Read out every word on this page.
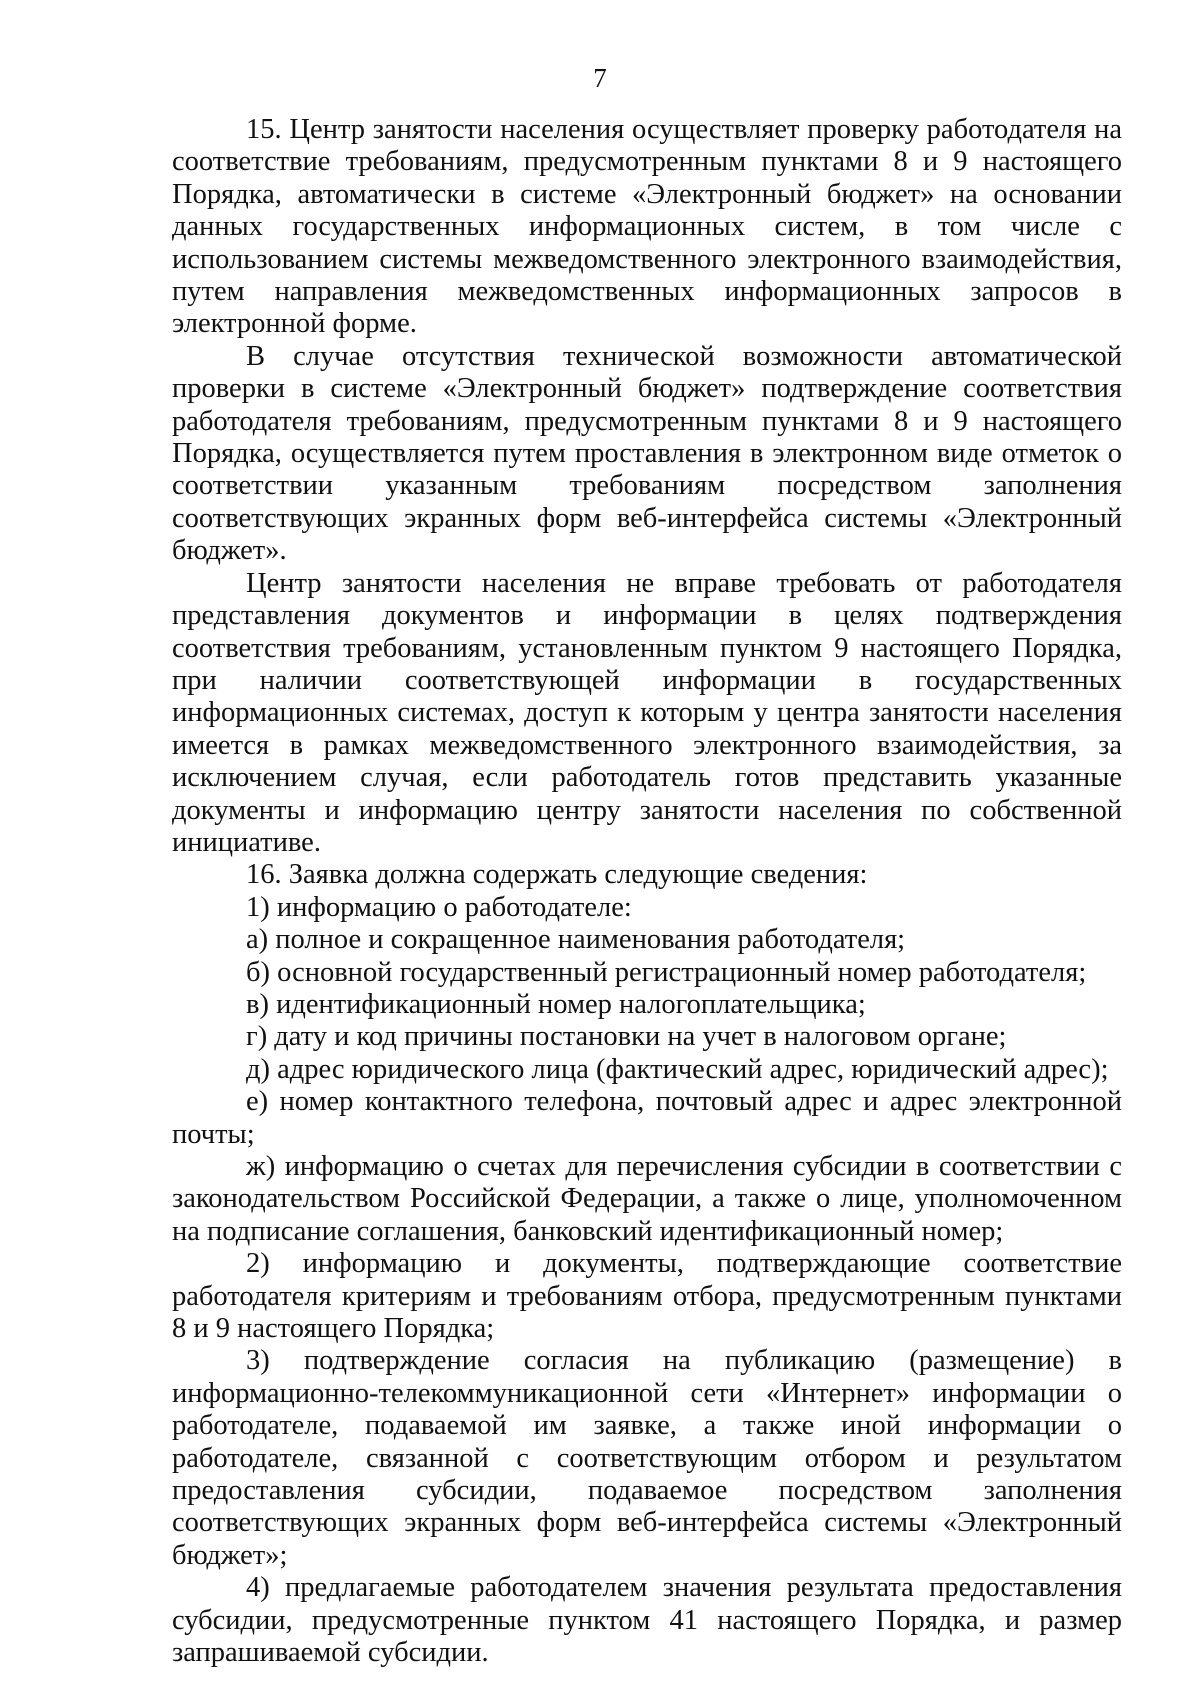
7

15. Центр занятости населения осуществляет проверку работодателя на соответствие требованиям, предусмотренным пунктами 8 и 9 настоящего Порядка, автоматически в системе «Электронный бюджет» на основании данных государственных информационных систем, в том числе с использованием системы межведомственного электронного взаимодействия, путем направления межведомственных информационных запросов в электронной форме.

В случае отсутствия технической возможности автоматической проверки в системе «Электронный бюджет» подтверждение соответствия работодателя требованиям, предусмотренным пунктами 8 и 9 настоящего Порядка, осуществляется путем проставления в электронном виде отметок о соответствии указанным требованиям посредством заполнения соответствующих экранных форм веб-интерфейса системы «Электронный бюджет».

Центр занятости населения не вправе требовать от работодателя представления документов и информации в целях подтверждения соответствия требованиям, установленным пунктом 9 настоящего Порядка, при наличии соответствующей информации в государственных информационных системах, доступ к которым у центра занятости населения имеется в рамках межведомственного электронного взаимодействия, за исключением случая, если работодатель готов представить указанные документы и информацию центру занятости населения по собственной инициативе.

16. Заявка должна содержать следующие сведения:

1) информацию о работодателе:

а) полное и сокращенное наименования работодателя;

б) основной государственный регистрационный номер работодателя;

в) идентификационный номер налогоплательщика;

г) дату и код причины постановки на учет в налоговом органе;

д) адрес юридического лица (фактический адрес, юридический адрес);

е) номер контактного телефона, почтовый адрес и адрес электронной почты;

ж) информацию о счетах для перечисления субсидии в соответствии с законодательством Российской Федерации, а также о лице, уполномоченном на подписание соглашения, банковский идентификационный номер;

2) информацию и документы, подтверждающие соответствие работодателя критериям и требованиям отбора, предусмотренным пунктами 8 и 9 настоящего Порядка;

3) подтверждение согласия на публикацию (размещение) в информационно-телекоммуникационной сети «Интернет» информации о работодателе, подаваемой им заявке, а также иной информации о работодателе, связанной с соответствующим отбором и результатом предоставления субсидии, подаваемое посредством заполнения соответствующих экранных форм веб-интерфейса системы «Электронный бюджет»;

4) предлагаемые работодателем значения результата предоставления субсидии, предусмотренные пунктом 41 настоящего Порядка, и размер запрашиваемой субсидии.
